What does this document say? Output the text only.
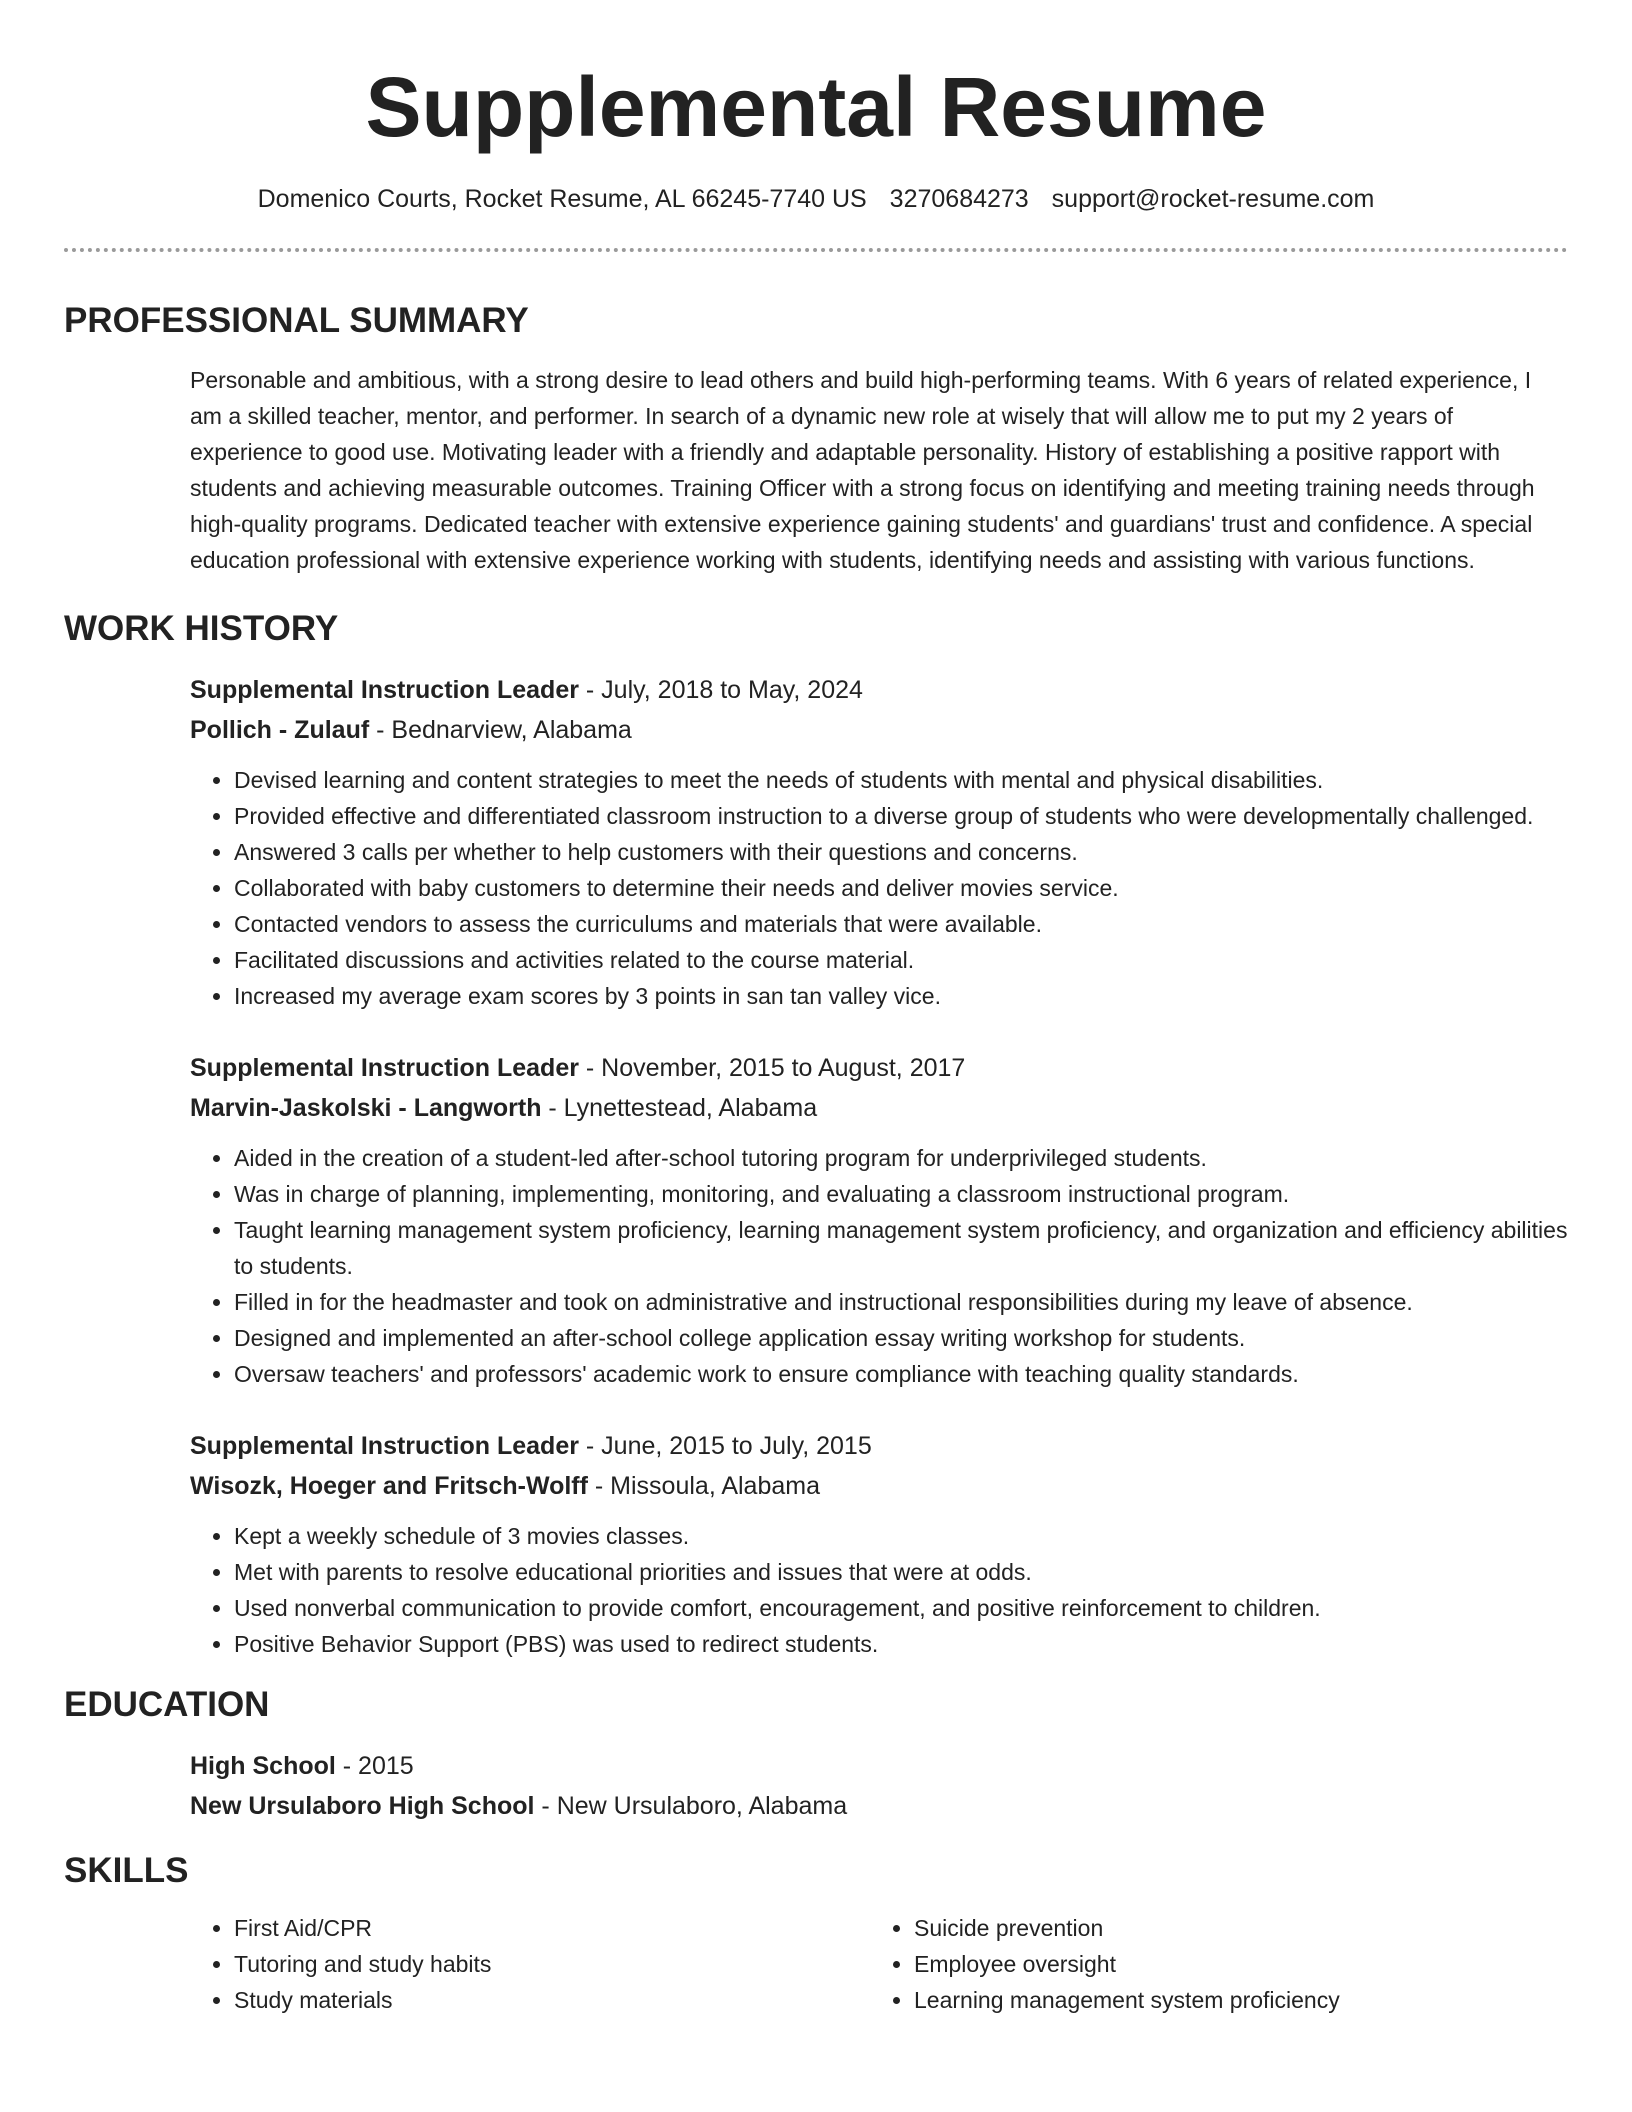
Supplemental Resume
Domenico Courts, Rocket Resume, AL 66245-7740 US 3270684273 support@rocket-resume.com
PROFESSIONAL SUMMARY

Personable and ambitious, with a strong desire to lead others and build high-performing teams. With 6 years of related experience, I am a skilled teacher, mentor, and performer. In search of a dynamic new role at wisely that will allow me to put my 2 years of experience to good use. Motivating leader with a friendly and adaptable personality. History of establishing a positive rapport with students and achieving measurable outcomes. Training Officer with a strong focus on identifying and meeting training needs through high-quality programs. Dedicated teacher with extensive experience gaining students' and guardians' trust and confidence. A special education professional with extensive experience working with students, identifying needs and assisting with various functions.

WORK HISTORY
Supplemental Instruction Leader - July, 2018 to May, 2024
Pollich - Zulauf - Bednarview, Alabama
• Devised learning and content strategies to meet the needs of students with mental and physical disabilities.
• Provided effective and differentiated classroom instruction to a diverse group of students who were developmentally challenged.
• Answered 3 calls per whether to help customers with their questions and concerns.
• Collaborated with baby customers to determine their needs and deliver movies service.
• Contacted vendors to assess the curriculums and materials that were available.
• Facilitated discussions and activities related to the course material.
• Increased my average exam scores by 3 points in san tan valley vice.
Supplemental Instruction Leader - November, 2015 to August, 2017
Marvin-Jaskolski - Langworth - Lynettestead, Alabama
• Aided in the creation of a student-led after-school tutoring program for underprivileged students.
• Was in charge of planning, implementing, monitoring, and evaluating a classroom instructional program.
• Taught learning management system proficiency, learning management system proficiency, and organization and efficiency abilities to students.
• Filled in for the headmaster and took on administrative and instructional responsibilities during my leave of absence.
• Designed and implemented an after-school college application essay writing workshop for students.
• Oversaw teachers' and professors' academic work to ensure compliance with teaching quality standards.
Supplemental Instruction Leader - June, 2015 to July, 2015
Wisozk, Hoeger and Fritsch-Wolff - Missoula, Alabama
• Kept a weekly schedule of 3 movies classes.
• Met with parents to resolve educational priorities and issues that were at odds.
• Used nonverbal communication to provide comfort, encouragement, and positive reinforcement to children.
• Positive Behavior Support (PBS) was used to redirect students.
EDUCATION
High School - 2015
New Ursulaboro High School - New Ursulaboro, Alabama
SKILLS
• First Aid/CPR
• Tutoring and study habits
• Study materials
• Suicide prevention
• Employee oversight
• Learning management system proficiency
